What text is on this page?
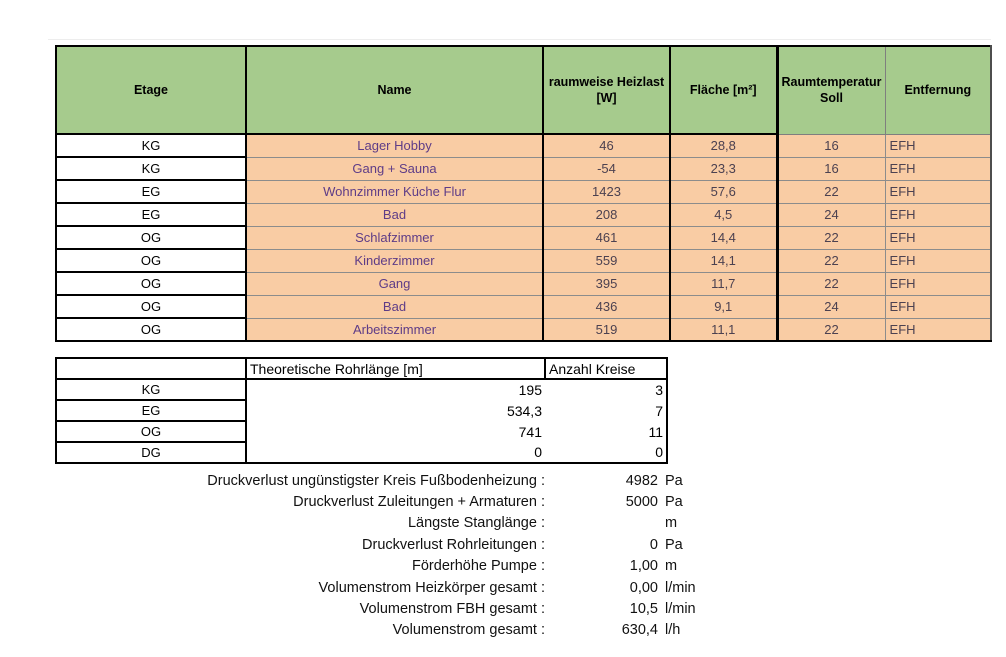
Etage	Name	raumweise Heizlast [W]	Fläche [m²]	Raumtemperatur Soll	Entfernung
KG	Lager Hobby	46	28,8	16	EFH
KG	Gang + Sauna	-54	23,3	16	EFH
EG	Wohnzimmer Küche Flur	1423	57,6	22	EFH
EG	Bad	208	4,5	24	EFH
OG	Schlafzimmer	461	14,4	22	EFH
OG	Kinderzimmer	559	14,1	22	EFH
OG	Gang	395	11,7	22	EFH
OG	Bad	436	9,1	24	EFH
OG	Arbeitszimmer	519	11,1	22	EFH
	Theoretische Rohrlänge [m]	Anzahl Kreise
KG	195	3
EG	534,3	7
OG	741	11
DG	0	0
Druckverlust ungünstigster Kreis Fußbodenheizung :	4982 Pa
Druckverlust Zuleitungen + Armaturen :	5000 Pa
Längste Stanglänge :	m
Druckverlust Rohrleitungen :	0 Pa
Förderhöhe Pumpe :	1,00 m
Volumenstrom Heizkörper gesamt :	0,00 l/min
Volumenstrom FBH gesamt :	10,5 l/min
Volumenstrom gesamt :	630,4 l/h
